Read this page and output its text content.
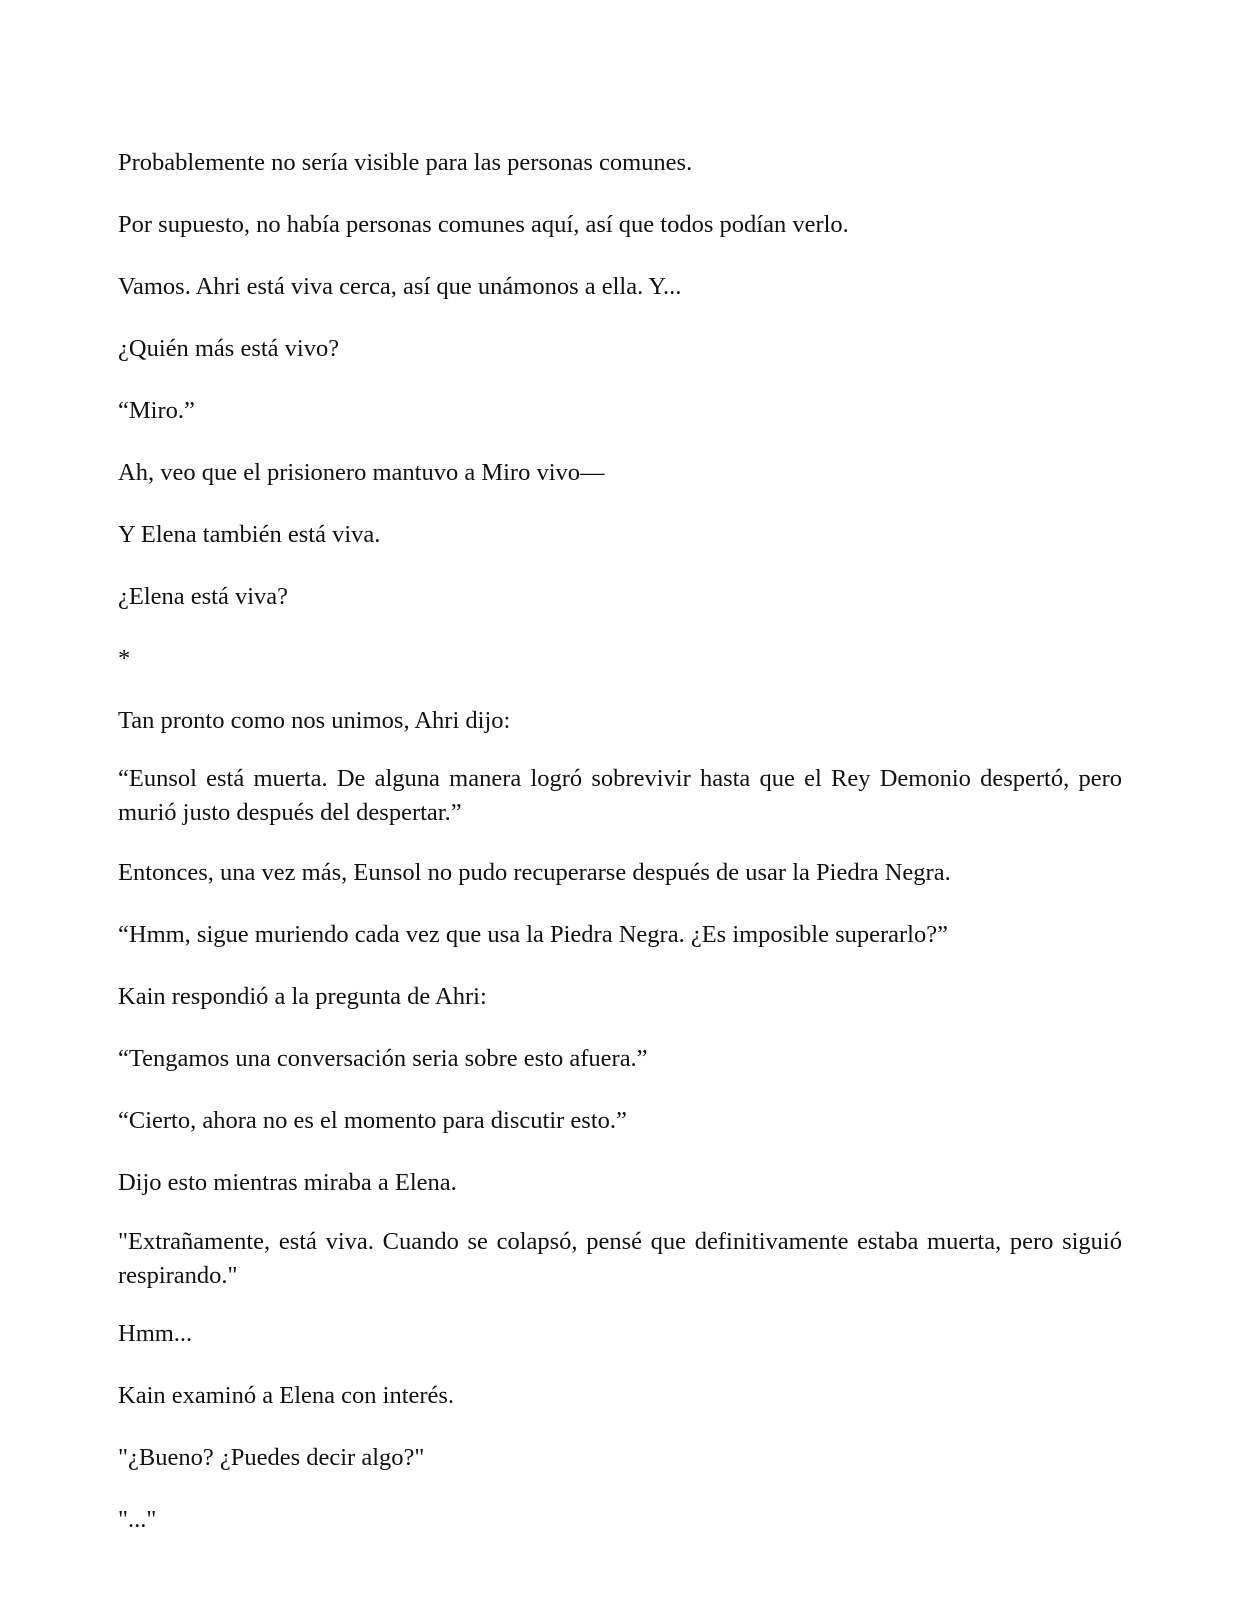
Probablemente no sería visible para las personas comunes.

Por supuesto, no había personas comunes aquí, así que todos podían verlo.

Vamos. Ahri está viva cerca, así que unámonos a ella. Y...

¿Quién más está vivo?

“Miro.”

Ah, veo que el prisionero mantuvo a Miro vivo—

Y Elena también está viva.

¿Elena está viva?

*

Tan pronto como nos unimos, Ahri dijo:

“Eunsol está muerta. De alguna manera logró sobrevivir hasta que el Rey Demonio despertó, pero murió justo después del despertar.”

Entonces, una vez más, Eunsol no pudo recuperarse después de usar la Piedra Negra.

“Hmm, sigue muriendo cada vez que usa la Piedra Negra. ¿Es imposible superarlo?”

Kain respondió a la pregunta de Ahri:

“Tengamos una conversación seria sobre esto afuera.”

“Cierto, ahora no es el momento para discutir esto.”

Dijo esto mientras miraba a Elena.

"Extrañamente, está viva. Cuando se colapsó, pensé que definitivamente estaba muerta, pero siguió respirando."

Hmm...

Kain examinó a Elena con interés.

"¿Bueno? ¿Puedes decir algo?"

"..."
